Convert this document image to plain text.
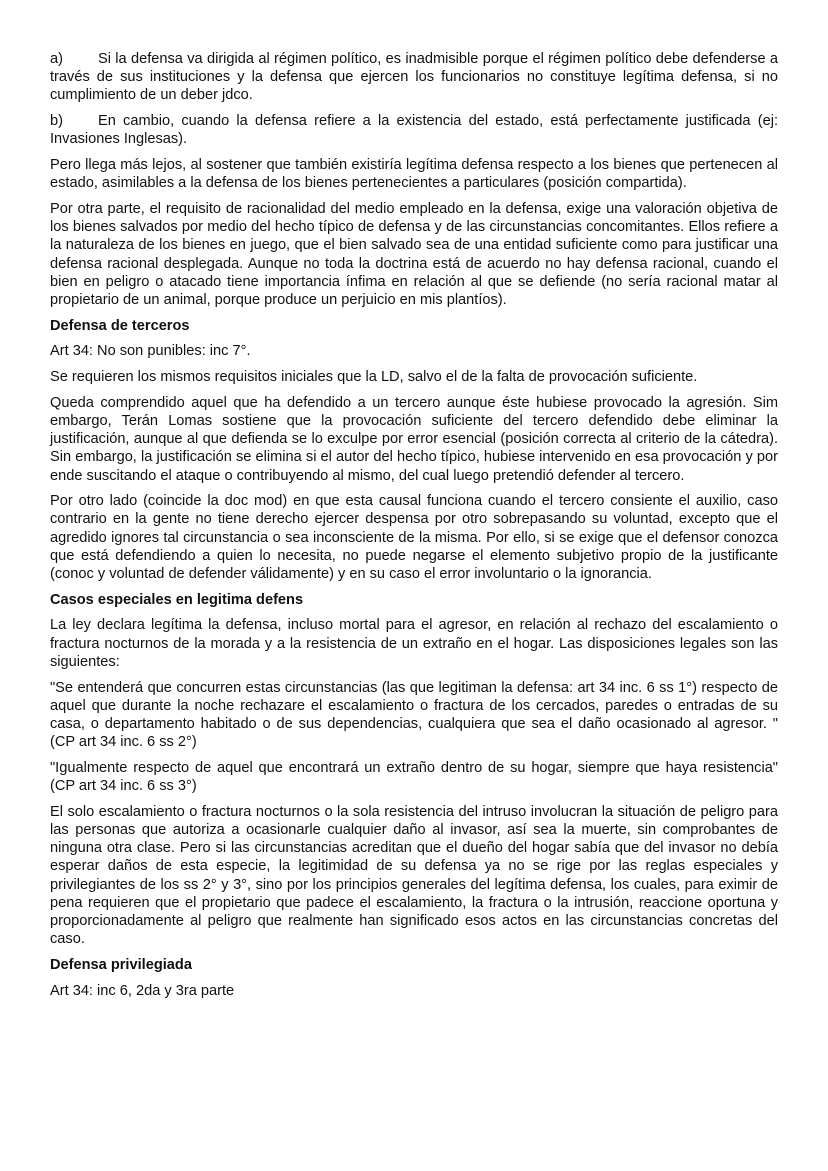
a) Si la defensa va dirigida al régimen político, es inadmisible porque el régimen político debe defenderse a través de sus instituciones y la defensa que ejercen los funcionarios no constituye legítima defensa, si no cumplimiento de un deber jdco.

b) En cambio, cuando la defensa refiere a la existencia del estado, está perfectamente justificada (ej: Invasiones Inglesas).

Pero llega más lejos, al sostener que también existiría legítima defensa respecto a los bienes que pertenecen al estado, asimilables a la defensa de los bienes pertenecientes a particulares (posición compartida).

Por otra parte, el requisito de racionalidad del medio empleado en la defensa, exige una valoración objetiva de los bienes salvados por medio del hecho típico de defensa y de las circunstancias concomitantes. Ellos refiere a la naturaleza de los bienes en juego, que el bien salvado sea de una entidad suficiente como para justificar una defensa racional desplegada. Aunque no toda la doctrina está de acuerdo no hay defensa racional, cuando el bien en peligro o atacado tiene importancia ínfima en relación al que se defiende (no sería racional matar al propietario de un animal, porque produce un perjuicio en mis plantíos).

Defensa de terceros

Art 34: No son punibles: inc 7°.

Se requieren los mismos requisitos iniciales que la LD, salvo el de la falta de provocación suficiente.

Queda comprendido aquel que ha defendido a un tercero aunque éste hubiese provocado la agresión. Sim embargo, Terán Lomas sostiene que la provocación suficiente del tercero defendido debe eliminar la justificación, aunque al que defienda se lo exculpe por error esencial (posición correcta al criterio de la cátedra). Sin embargo, la justificación se elimina si el autor del hecho típico, hubiese intervenido en esa provocación y por ende suscitando el ataque o contribuyendo al mismo, del cual luego pretendió defender al tercero.

Por otro lado (coincide la doc mod) en que esta causal funciona cuando el tercero consiente el auxilio, caso contrario en la gente no tiene derecho ejercer despensa por otro sobrepasando su voluntad, excepto que el agredido ignores tal circunstancia o sea inconsciente de la misma. Por ello, si se exige que el defensor conozca que está defendiendo a quien lo necesita, no puede negarse el elemento subjetivo propio de la justificante (conoc y voluntad de defender válidamente) y en su caso el error involuntario o la ignorancia.

Casos especiales en legitima defens

La ley declara legítima la defensa, incluso mortal para el agresor, en relación al rechazo del escalamiento o fractura nocturnos de la morada y a la resistencia de un extraño en el hogar. Las disposiciones legales son las siguientes:

"Se entenderá que concurren estas circunstancias (las que legitiman la defensa: art 34 inc. 6 ss 1°) respecto de aquel que durante la noche rechazare el escalamiento o fractura de los cercados, paredes o entradas de su casa, o departamento habitado o de sus dependencias, cualquiera que sea el daño ocasionado al agresor. " (CP art 34 inc. 6 ss 2°)

"Igualmente respecto de aquel que encontrará un extraño dentro de su hogar, siempre que haya resistencia" (CP art 34 inc. 6 ss 3°)

El solo escalamiento o fractura nocturnos o la sola resistencia del intruso involucran la situación de peligro para las personas que autoriza a ocasionarle cualquier daño al invasor, así sea la muerte, sin comprobantes de ninguna otra clase. Pero si las circunstancias acreditan que el dueño del hogar sabía que del invasor no debía esperar daños de esta especie, la legitimidad de su defensa ya no se rige por las reglas especiales y privilegiantes de los ss 2° y 3°, sino por los principios generales del legítima defensa, los cuales, para eximir de pena requieren que el propietario que padece el escalamiento, la fractura o la intrusión, reaccione oportuna y proporcionadamente al peligro que realmente han significado esos actos en las circunstancias concretas del caso.

Defensa privilegiada

Art 34: inc 6, 2da y 3ra parte
